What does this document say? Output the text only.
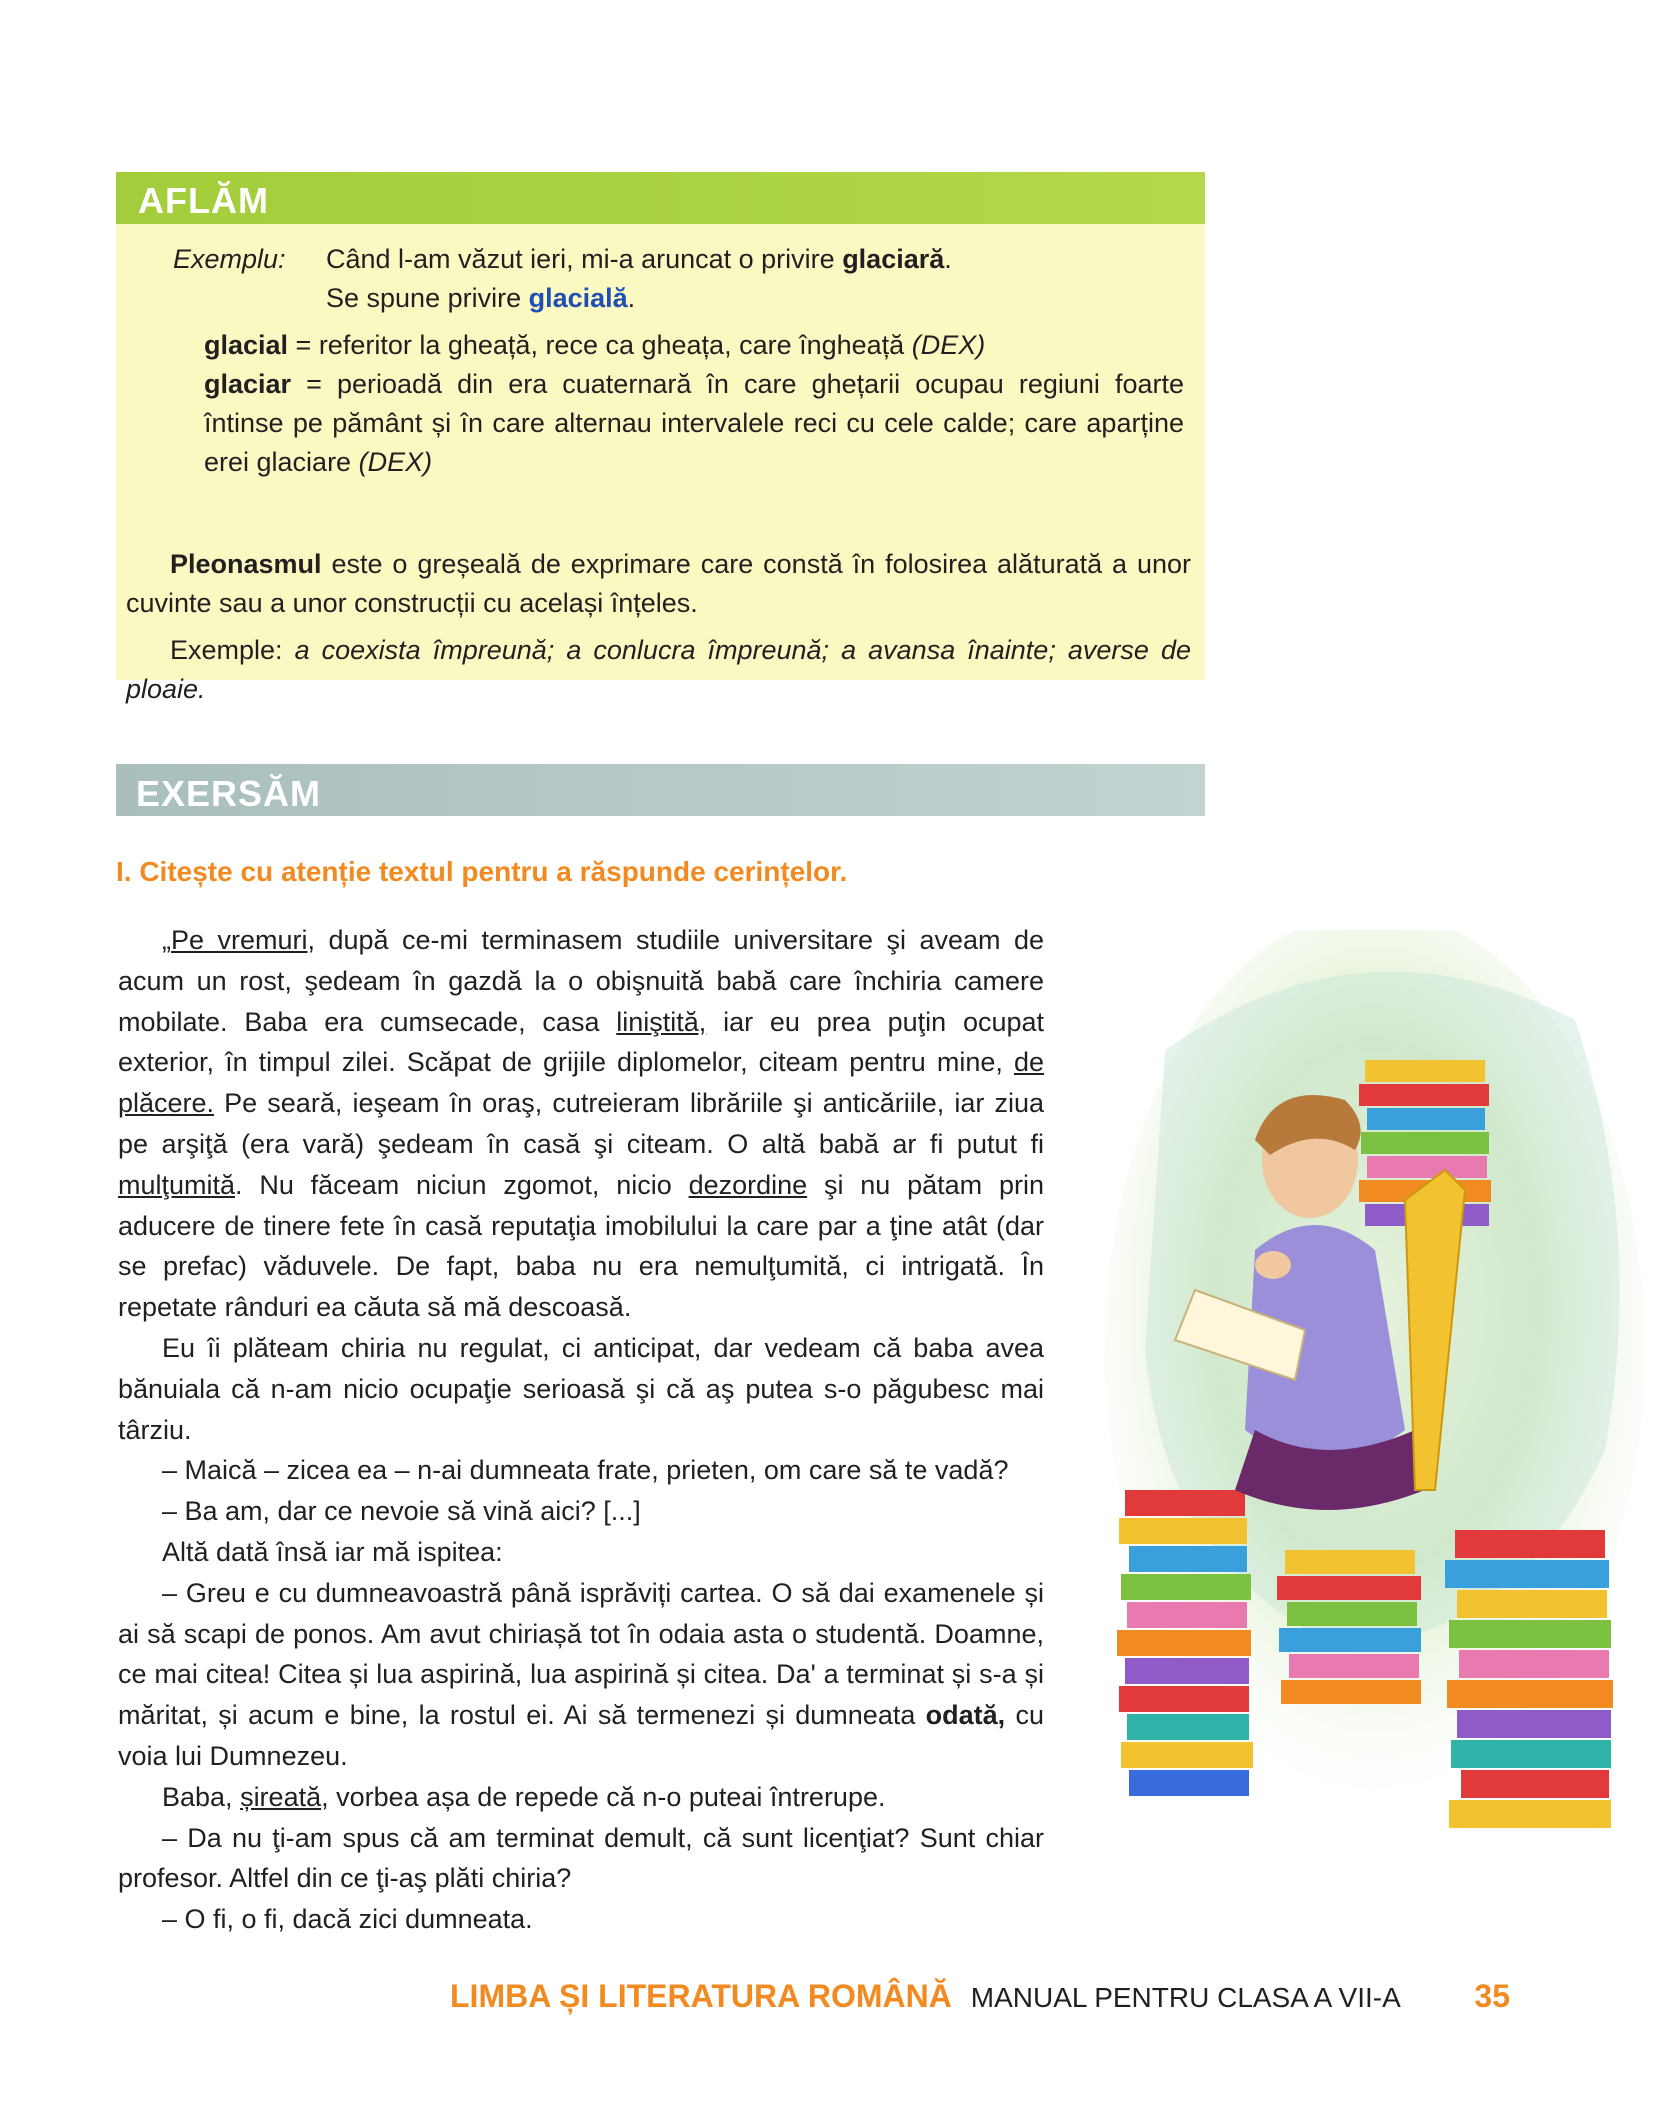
AFLĂM
Exemplu: Când l-am văzut ieri, mi-a aruncat o privire glaciară.
Se spune privire glacială.
glacial = referitor la gheață, rece ca gheața, care îngheață (DEX)
glaciar = perioadă din era cuaternară în care ghețarii ocupau regiuni foarte întinse pe pământ și în care alternau intervalele reci cu cele calde; care aparține erei glaciare (DEX)

Pleonasmul este o greșeală de exprimare care constă în folosirea alăturată a unor cuvinte sau a unor construcții cu același înțeles.

Exemple: a coexista împreună; a conlucra împreună; a avansa înainte; averse de ploaie.

EXERSĂM
I. Citește cu atenție textul pentru a răspunde cerințelor.

„Pe vremuri, după ce-mi terminasem studiile universitare şi aveam de acum un rost, şedeam în gazdă la o obişnuită babă care închiria camere mobilate. Baba era cumsecade, casa liniştită, iar eu prea puţin ocupat exterior, în timpul zilei. Scăpat de grijile diplomelor, citeam pentru mine, de plăcere. Pe seară, ieşeam în oraş, cutreieram librăriile şi anticăriile, iar ziua pe arşiţă (era vară) şedeam în casă şi citeam. O altă babă ar fi putut fi mulţumită. Nu făceam niciun zgomot, nicio dezordine şi nu pătam prin aducere de tinere fete în casă reputaţia imobilului la care par a ţine atât (dar se prefac) văduvele. De fapt, baba nu era nemulţumită, ci intrigată. În repetate rânduri ea căuta să mă descoasă.

Eu îi plăteam chiria nu regulat, ci anticipat, dar vedeam că baba avea bănuiala că n-am nicio ocupaţie serioasă şi că aş putea s-o păgubesc mai târziu.

– Maică – zicea ea – n-ai dumneata frate, prieten, om care să te vadă?

– Ba am, dar ce nevoie să vină aici? [...]

Altă dată însă iar mă ispitea:

– Greu e cu dumneavoastră până isprăviți cartea. O să dai examenele și ai să scapi de ponos. Am avut chiriașă tot în odaia asta o studentă. Doamne, ce mai citea! Citea și lua aspirină, lua aspirină și citea. Da' a terminat și s-a și măritat, și acum e bine, la rostul ei. Ai să termenezi și dumneata odată, cu voia lui Dumnezeu.

Baba, șireată, vorbea așa de repede că n-o puteai întrerupe.

– Da nu ţi-am spus că am terminat demult, că sunt licenţiat? Sunt chiar profesor. Altfel din ce ţi-aş plăti chiria?

– O fi, o fi, dacă zici dumneata.

LIMBA ȘI LITERATURA ROMÂNĂ MANUAL PENTRU CLASA A VII-A 35
